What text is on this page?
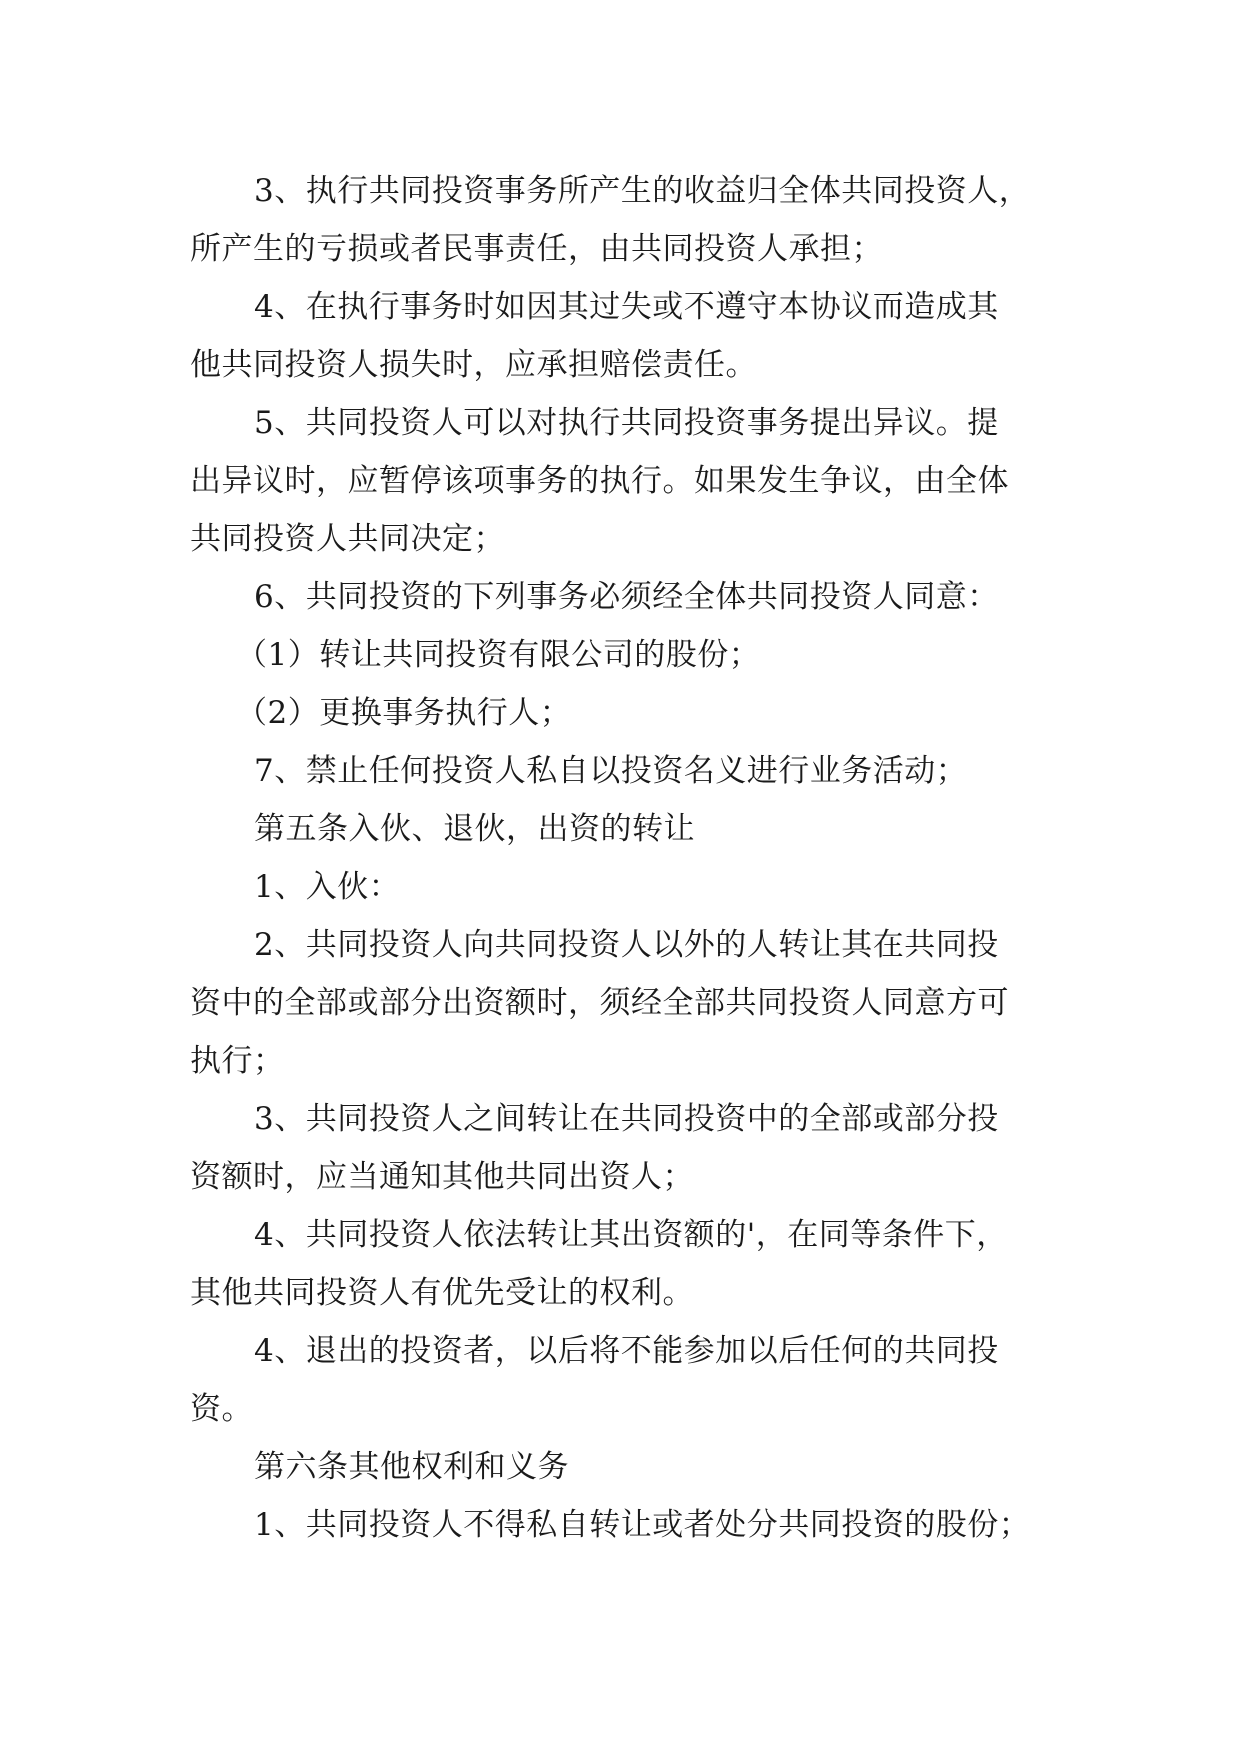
3、执行共同投资事务所产生的收益归全体共同投资人，
所产生的亏损或者民事责任，由共同投资人承担；
4、在执行事务时如因其过失或不遵守本协议而造成其
他共同投资人损失时，应承担赔偿责任。
5、共同投资人可以对执行共同投资事务提出异议。提
出异议时，应暂停该项事务的执行。如果发生争议，由全体
共同投资人共同决定；
6、共同投资的下列事务必须经全体共同投资人同意：
（1）转让共同投资有限公司的股份；
（2）更换事务执行人；
7、禁止任何投资人私自以投资名义进行业务活动；
第五条入伙、退伙，出资的转让
1、入伙：
2、共同投资人向共同投资人以外的人转让其在共同投
资中的全部或部分出资额时，须经全部共同投资人同意方可
执行；
3、共同投资人之间转让在共同投资中的全部或部分投
资额时，应当通知其他共同出资人；
4、共同投资人依法转让其出资额的'，在同等条件下，
其他共同投资人有优先受让的权利。
4、退出的投资者，以后将不能参加以后任何的共同投
资。
第六条其他权利和义务
1、共同投资人不得私自转让或者处分共同投资的股份；
